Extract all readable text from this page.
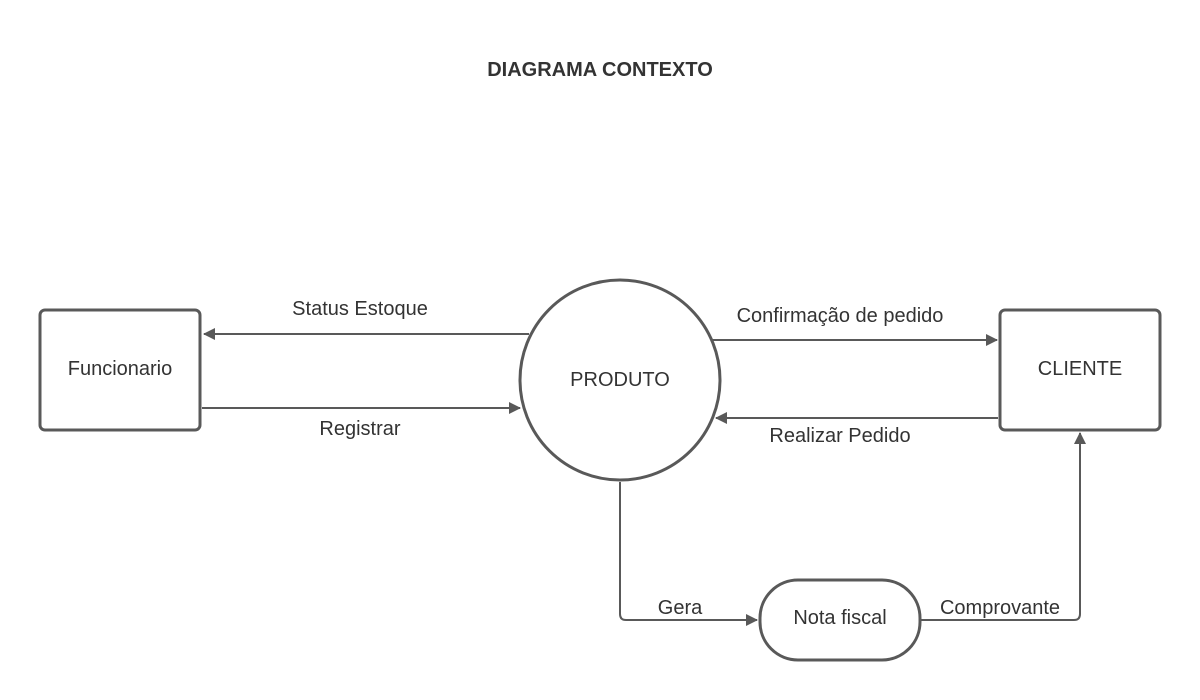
DIAGRAMA CONTEXTO
Funcionario	PRODUTO	CLIENTE
Nota fiscal
Status Estoque
Registrar
Confirmação de pedido
Realizar Pedido
Gera	Comprovante
